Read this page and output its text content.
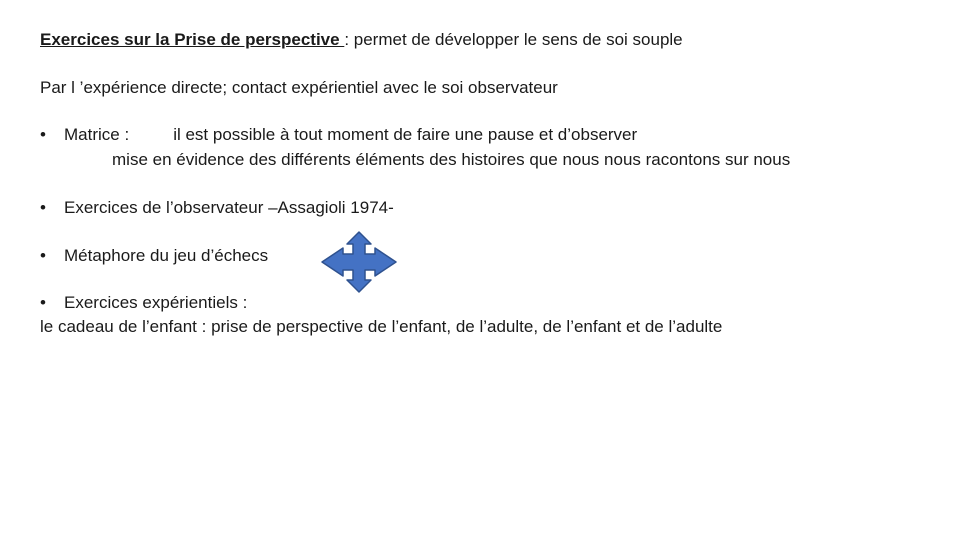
Exercices sur la Prise de perspective : permet de développer le sens de soi souple
Par l ’expérience directe; contact expérientiel avec le soi observateur
• Matrice :	il est possible à tout moment de faire une pause et d’observer
mise en évidence des différents éléments des histoires que nous nous racontons sur nous
• Exercices de l’observateur –Assagioli 1974-
• Métaphore du jeu d’échecs
• Exercices expérientiels :
le cadeau de l’enfant : prise de perspective de l’enfant, de l’adulte, de l’enfant et de l’adulte
